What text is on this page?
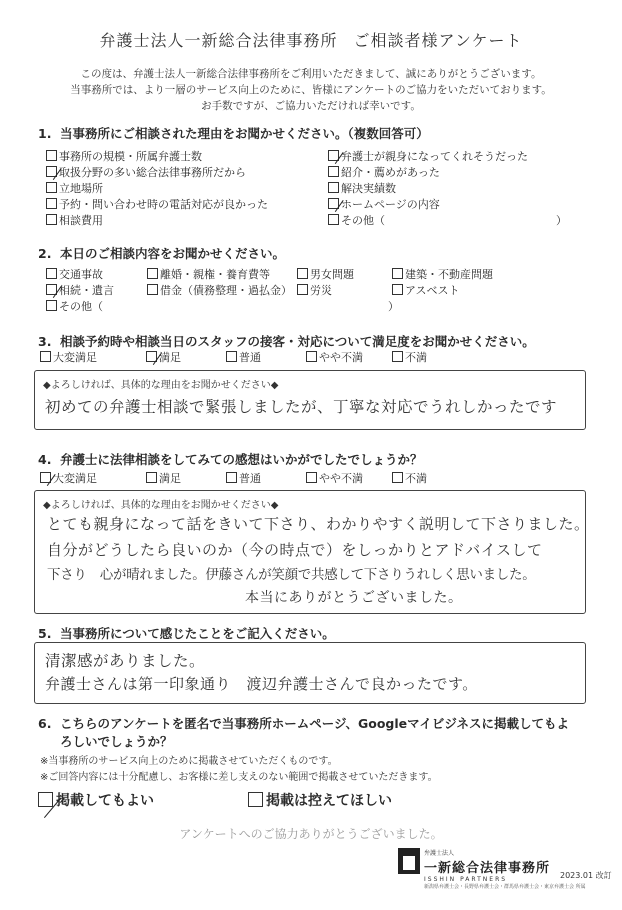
弁護士法人一新総合法律事務所 ご相談者様アンケート
この度は、弁護士法人一新総合法律事務所をご利用いただきまして、誠にありがとうございます。
当事務所では、より一層のサービス向上のために、皆様にアンケートのご協力をいただいております。
お手数ですが、ご協力いただければ幸いです。
1. 当事務所にご相談された理由をお聞かせください。（複数回答可）
事務所の規模・所属弁護士数	弁護士が親身になってくれそうだった
取扱分野の多い総合法律事務所だから	紹介・薦めがあった
立地場所	解決実績数
予約・問い合わせ時の電話対応が良かった	ホームページの内容
相談費用	その他（	）
2. 本日のご相談内容をお聞かせください。
交通事故	離婚・親権・養育費等	男女問題	建築・不動産問題
相続・遺言	借金（債務整理・過払金）	労災	アスベスト
その他（	）
3. 相談予約時や相談当日のスタッフの接客・対応について満足度をお聞かせください。
大変満足	満足	普通	やや不満	不満
◆よろしければ、具体的な理由をお聞かせください◆
初めての弁護士相談で緊張しましたが、丁寧な対応でうれしかったです
4. 弁護士に法律相談をしてみての感想はいかがでしたでしょうか？
大変満足	満足	普通	やや不満	不満
◆よろしければ、具体的な理由をお聞かせください◆
とても親身になって話をきいて下さり、わかりやすく説明して下さりました。
自分がどうしたら良いのか（今の時点で）をしっかりとアドバイスして
下さり　心が晴れました。伊藤さんが笑顔で共感して下さりうれしく思いました。
本当にありがとうございました。
5. 当事務所について感じたことをご記入ください。
清潔感がありました。
弁護士さんは第一印象通り　渡辺弁護士さんで良かったです。
6. こちらのアンケートを匿名で当事務所ホームページ、Googleマイビジネスに掲載してもよ
ろしいでしょうか？
※当事務所のサービス向上のために掲載させていただくものです。
※ご回答内容には十分配慮し、お客様に差し支えのない範囲で掲載させていただきます。
掲載してもよい	掲載は控えてほしい
アンケートへのご協力ありがとうございました。
弁護士法人
一新総合法律事務所
ISSHIN PARTNERS
新潟県弁護士会・長野県弁護士会・群馬県弁護士会・東京弁護士会 所属
2023.01 改訂
